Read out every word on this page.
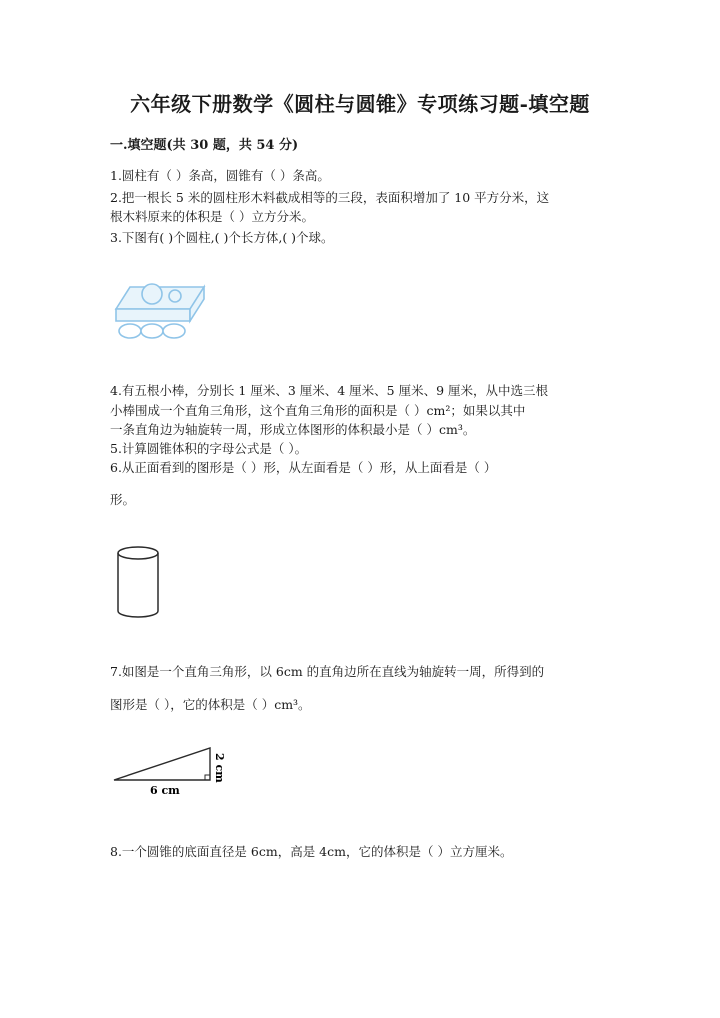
六年级下册数学《圆柱与圆锥》专项练习题-填空题
一.填空题(共 30 题，共 54 分)
1.圆柱有（ ）条高，圆锥有（ ）条高。
2.把一根长 5 米的圆柱形木料截成相等的三段，表面积增加了 10 平方分米，这
根木料原来的体积是（ ）立方分米。
3.下图有( )个圆柱,( )个长方体,( )个球。
4.有五根小棒，分别长 1 厘米、3 厘米、4 厘米、5 厘米、9 厘米，从中选三根
小棒围成一个直角三角形，这个直角三角形的面积是（ ）cm²；如果以其中
一条直角边为轴旋转一周，形成立体图形的体积最小是（ ）cm³。
5.计算圆锥体积的字母公式是（ ）。
6.从正面看到的图形是（ ）形，从左面看是（ ）形，从上面看是（ ）
形。
7.如图是一个直角三角形，以 6cm 的直角边所在直线为轴旋转一周，所得到的
图形是（ ），它的体积是（ ）cm³。
6 cm
2 cm
8.一个圆锥的底面直径是 6cm，高是 4cm，它的体积是（ ）立方厘米。
